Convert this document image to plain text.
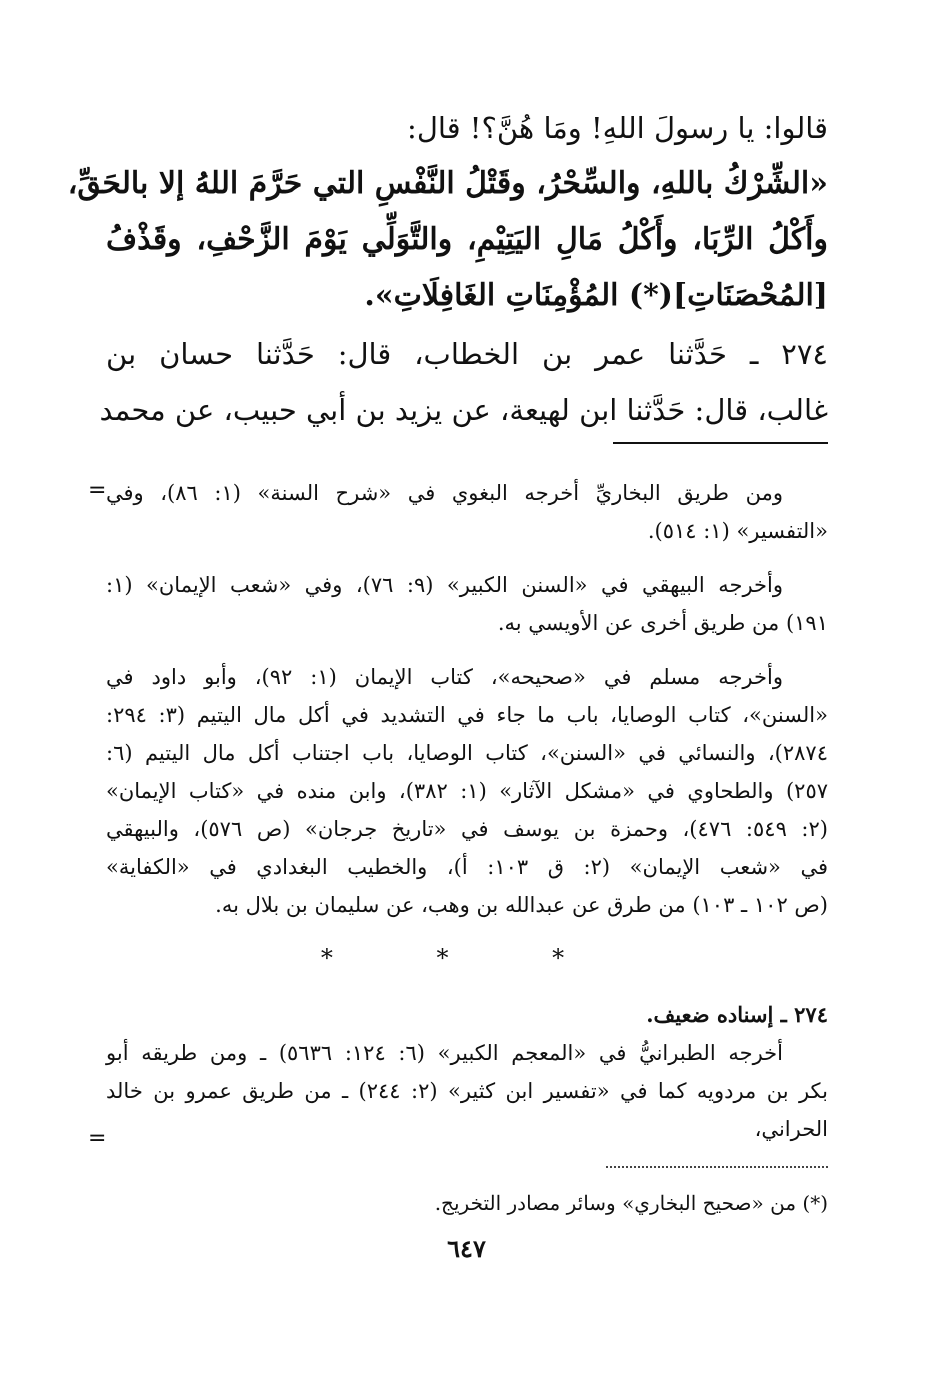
قالوا: يا رسولَ اللهِ! ومَا هُنَّ؟! قال:
«الشِّرْكُ باللهِ، والسِّحْرُ، وقَتْلُ النَّفْسِ التي حَرَّمَ اللهُ إلا بالحَقِّ،
وأَكْلُ الرِّبَا، وأَكْلُ مَالِ اليَتِيْمِ، والتَّوَلِّي يَوْمَ الزَّحْفِ، وقَذْفُ
[المُحْصَنَاتِ](*) المُؤْمِنَاتِ الغَافِلَاتِ».
٢٧٤ ـ حَدَّثنا عمر بن الخطاب، قال: حَدَّثنا حسان بن
غالب، قال: حَدَّثنا ابن لهيعة، عن يزيد بن أبي حبيب، عن محمد
= ومن طريق البخاريِّ أخرجه البغوي في «شرح السنة» (١: ٨٦)، وفي
«التفسير» (١: ٥١٤).
وأخرجه البيهقي في «السنن الكبير» (٩: ٧٦)، وفي «شعب الإيمان» (١:
١٩١) من طريق أخرى عن الأويسي به.
وأخرجه مسلم في «صحيحه»، كتاب الإيمان (١: ٩٢)، وأبو داود في
«السنن»، كتاب الوصايا، باب ما جاء في التشديد في أكل مال اليتيم (٣: ٢٩٤:
٢٨٧٤)، والنسائي في «السنن»، كتاب الوصايا، باب اجتناب أكل مال اليتيم (٦:
٢٥٧) والطحاوي في «مشكل الآثار» (١: ٣٨٢)، وابن منده في «كتاب الإيمان»
(٢: ٥٤٩: ٤٧٦)، وحمزة بن يوسف في «تاريخ جرجان» (ص ٥٧٦)، والبيهقي
في «شعب الإيمان» (٢: ق ١٠٣: أ)، والخطيب البغدادي في «الكفاية»
(ص ١٠٢ ـ ١٠٣) من طرق عن عبدالله بن وهب، عن سليمان بن بلال به.
* * *
٢٧٤ ـ إسناده ضعيف.
أخرجه الطبرانيُّ في «المعجم الكبير» (٦: ١٢٤: ٥٦٣٦) ـ ومن طريقه أبو
بكر بن مردويه كما في «تفسير ابن كثير» (٢: ٢٤٤) ـ من طريق عمرو بن خالد
الحراني،
=
(*) من «صحيح البخاري» وسائر مصادر التخريج.
٦٤٧
